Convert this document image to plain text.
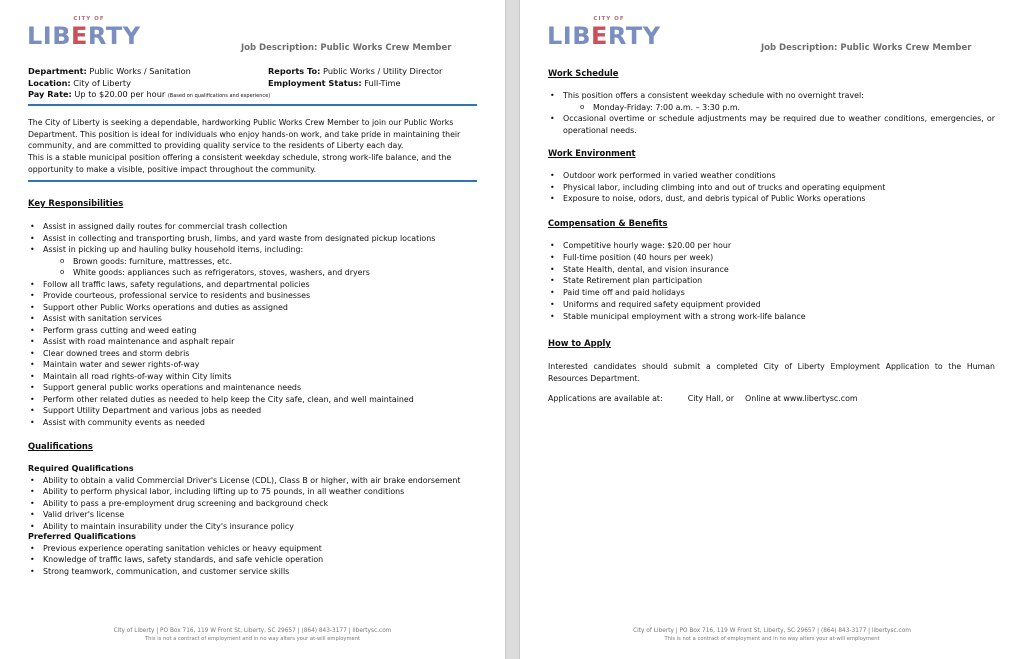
CITY OF
LIBERTY	Job Description: Public Works Crew Member
Department: Public Works / Sanitation
Location: City of Liberty
Pay Rate: Up to $20.00 per hour (Based on qualifications and experience)
Reports To: Public Works / Utility Director
Employment Status: Full-Time
The City of Liberty is seeking a dependable, hardworking Public Works Crew Member to join our Public Works Department. This position is ideal for individuals who enjoy hands-on work, and take pride in maintaining their community, and are committed to providing quality service to the residents of Liberty each day.
This is a stable municipal position offering a consistent weekday schedule, strong work-life balance, and the opportunity to make a visible, positive impact throughout the community.
Key Responsibilities
• Assist in assigned daily routes for commercial trash collection
• Assist in collecting and transporting brush, limbs, and yard waste from designated pickup locations
• Assist in picking up and hauling bulky household items, including:
o Brown goods: furniture, mattresses, etc.
o White goods: appliances such as refrigerators, stoves, washers, and dryers
• Follow all traffic laws, safety regulations, and departmental policies
• Provide courteous, professional service to residents and businesses
• Support other Public Works operations and duties as assigned
• Assist with sanitation services
• Perform grass cutting and weed eating
• Assist with road maintenance and asphalt repair
• Clear downed trees and storm debris
• Maintain water and sewer rights-of-way
• Maintain all road rights-of-way within City limits
• Support general public works operations and maintenance needs
• Perform other related duties as needed to help keep the City safe, clean, and well maintained
• Support Utility Department and various jobs as needed
• Assist with community events as needed
Qualifications
Required Qualifications
• Ability to obtain a valid Commercial Driver's License (CDL), Class B or higher, with air brake endorsement
• Ability to perform physical labor, including lifting up to 75 pounds, in all weather conditions
• Ability to pass a pre-employment drug screening and background check
• Valid driver's license
• Ability to maintain insurability under the City's insurance policy
Preferred Qualifications
• Previous experience operating sanitation vehicles or heavy equipment
• Knowledge of traffic laws, safety standards, and safe vehicle operation
• Strong teamwork, communication, and customer service skills
City of Liberty | PO Box 716, 119 W Front St, Liberty, SC 29657 | (864) 843-3177 | libertysc.com
This is not a contract of employment and in no way alters your at-will employment
CITY OF
LIBERTY	Job Description: Public Works Crew Member
Work Schedule
• This position offers a consistent weekday schedule with no overnight travel:
o Monday-Friday: 7:00 a.m. – 3:30 p.m.
• Occasional overtime or schedule adjustments may be required due to weather conditions, emergencies, or operational needs.
Work Environment
• Outdoor work performed in varied weather conditions
• Physical labor, including climbing into and out of trucks and operating equipment
• Exposure to noise, odors, dust, and debris typical of Public Works operations
Compensation & Benefits
• Competitive hourly wage: $20.00 per hour
• Full-time position (40 hours per week)
• State Health, dental, and vision insurance
• State Retirement plan participation
• Paid time off and paid holidays
• Uniforms and required safety equipment provided
• Stable municipal employment with a strong work-life balance
How to Apply
Interested candidates should submit a completed City of Liberty Employment Application to the Human Resources Department.
Applications are available at:	City Hall, or Online at www.libertysc.com
City of Liberty | PO Box 716, 119 W Front St, Liberty, SC 29657 | (864) 843-3177 | libertysc.com
This is not a contract of employment and in no way alters your at-will employment
